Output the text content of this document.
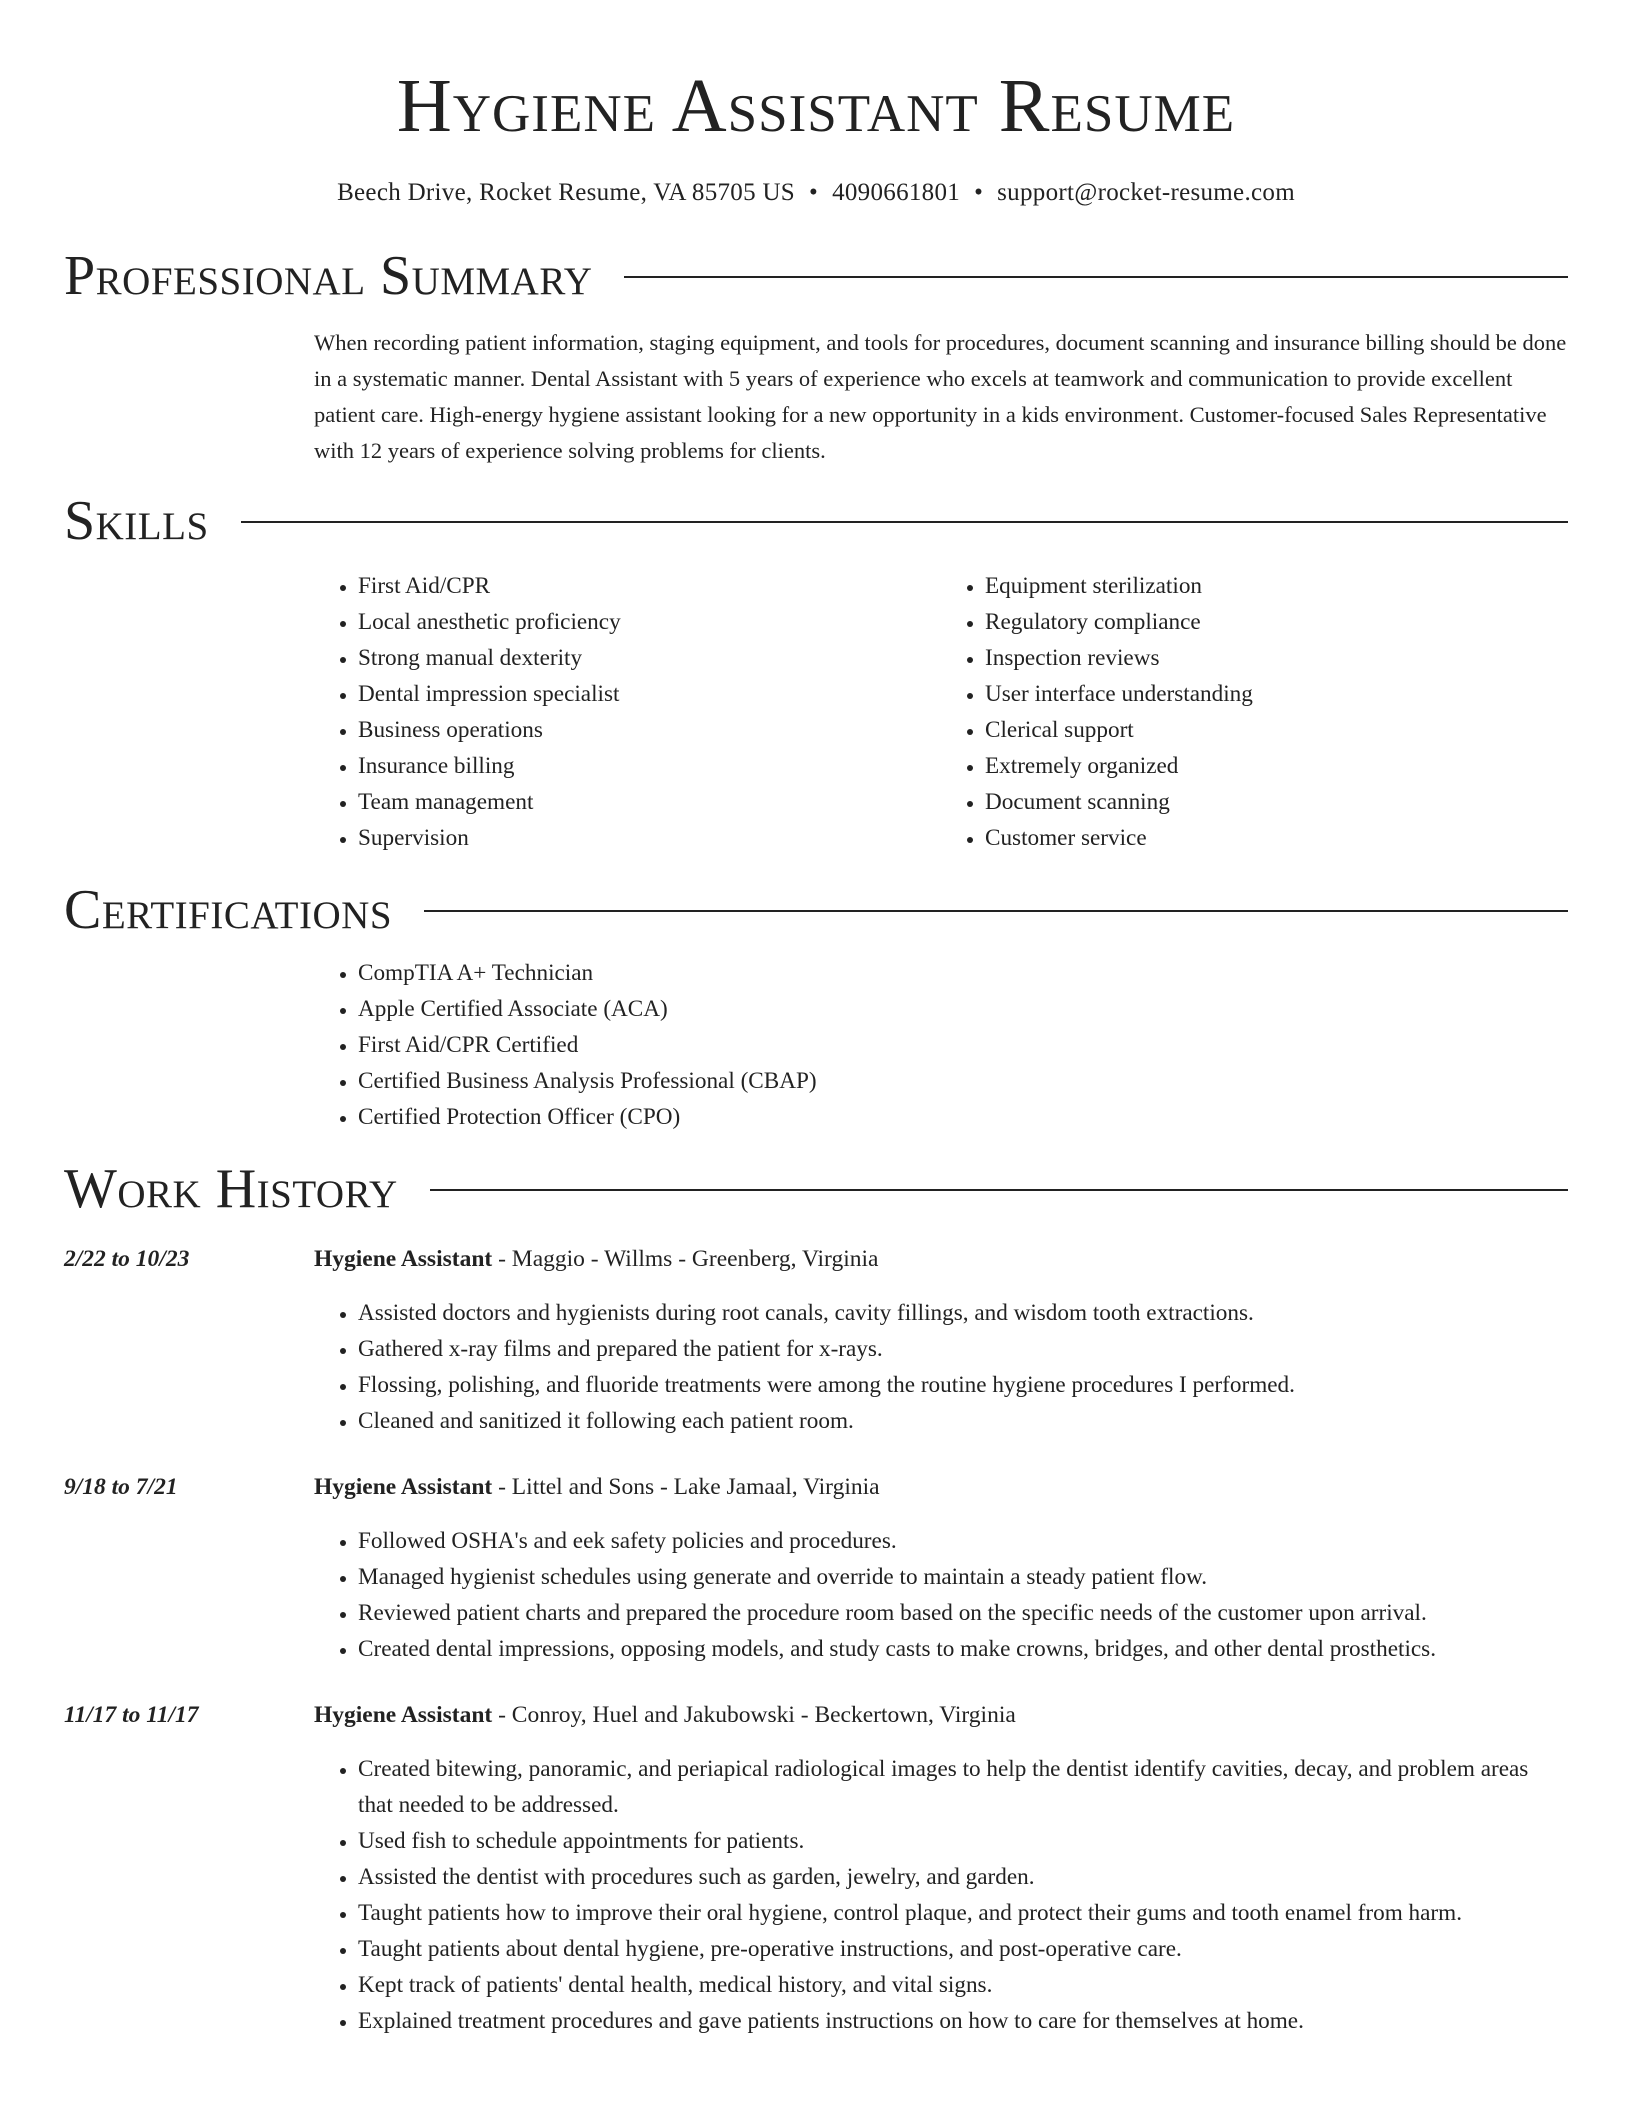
Hygiene Assistant Resume
Beech Drive, Rocket Resume, VA 85705 US • 4090661801 • support@rocket-resume.com
Professional Summary
When recording patient information, staging equipment, and tools for procedures, document scanning and insurance billing should be done in a systematic manner. Dental Assistant with 5 years of experience who excels at teamwork and communication to provide excellent patient care. High-energy hygiene assistant looking for a new opportunity in a kids environment. Customer-focused Sales Representative with 12 years of experience solving problems for clients.
Skills
• First Aid/CPR
• Local anesthetic proficiency
• Strong manual dexterity
• Dental impression specialist
• Business operations
• Insurance billing
• Team management
• Supervision
• Equipment sterilization
• Regulatory compliance
• Inspection reviews
• User interface understanding
• Clerical support
• Extremely organized
• Document scanning
• Customer service
Certifications
• CompTIA A+ Technician
• Apple Certified Associate (ACA)
• First Aid/CPR Certified
• Certified Business Analysis Professional (CBAP)
• Certified Protection Officer (CPO)
Work History
2/22 to 10/23	Hygiene Assistant - Maggio - Willms - Greenberg, Virginia
• Assisted doctors and hygienists during root canals, cavity fillings, and wisdom tooth extractions.
• Gathered x-ray films and prepared the patient for x-rays.
• Flossing, polishing, and fluoride treatments were among the routine hygiene procedures I performed.
• Cleaned and sanitized it following each patient room.
9/18 to 7/21	Hygiene Assistant - Littel and Sons - Lake Jamaal, Virginia
• Followed OSHA's and eek safety policies and procedures.
• Managed hygienist schedules using generate and override to maintain a steady patient flow.
• Reviewed patient charts and prepared the procedure room based on the specific needs of the customer upon arrival.
• Created dental impressions, opposing models, and study casts to make crowns, bridges, and other dental prosthetics.
11/17 to 11/17	Hygiene Assistant - Conroy, Huel and Jakubowski - Beckertown, Virginia
• Created bitewing, panoramic, and periapical radiological images to help the dentist identify cavities, decay, and problem areas that needed to be addressed.
• Used fish to schedule appointments for patients.
• Assisted the dentist with procedures such as garden, jewelry, and garden.
• Taught patients how to improve their oral hygiene, control plaque, and protect their gums and tooth enamel from harm.
• Taught patients about dental hygiene, pre-operative instructions, and post-operative care.
• Kept track of patients' dental health, medical history, and vital signs.
• Explained treatment procedures and gave patients instructions on how to care for themselves at home.
